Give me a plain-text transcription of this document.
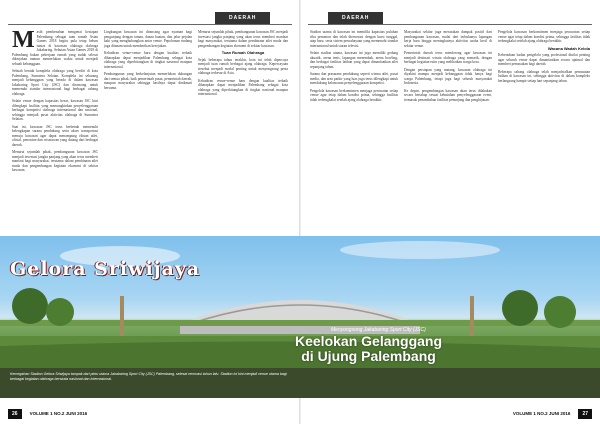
DAERAH
M asih pembenahan mengenai kesiapan Palembang sebagai tuan rumah Asian Games 2018 begitu pula tetap belum tuntas di kawasan olahraga olahraga Jakabaring. Sebutan Asian Games 2018 di Palembang bukan pekerjaan rumah yang sudah selesai dikerjakan namun memerlukan waktu untuk menjadi sebuah kebanggaan.

Sebuah bentuk kompleks olahraga yang berdiri di kota Palembang, Sumatera Selatan. Kompleks ini sekarang menjadi kebanggaan yang berada di dalam kawasan Jakabaring Sport City (JSC) dan dirancang untuk memenuhi standar internasional bagi berbagai cabang olahraga.

Selain venue dengan kapasitas besar, kawasan JSC kini dilengkapi fasilitas yang memungkinkan penyelenggaraan berbagai kompetisi olahraga internasional dan nasional, sehingga menjadi pusat aktivitas olahraga di Sumatera Selatan.

Saat ini, kawasan JSC terus berbenah memenuhi kelengkapan sarana pendukung serta akses transportasi menuju kawasan agar dapat menampung ribuan atlet, ofisial, penonton dan wisatawan yang datang dari berbagai daerah.

Menurut sejumlah pihak, pembangunan kawasan JSC menjadi investasi jangka panjang yang akan terus memberi manfaat bagi masyarakat, terutama dalam pembinaan atlet muda dan pengembangan kegiatan ekonomi di sekitar kawasan.

Lingkungan kawasan ini dirancang agar nyaman bagi pengunjung dengan taman, danau buatan, dan jalur pejalan kaki yang menghubungkan antar venue. Pepohonan rindang juga ditanam untuk memberikan kesejukan.

Kehadiran venue-venue baru dengan kualitas terbaik diharapkan dapat menjadikan Palembang sebagai kota olahraga yang diperhitungkan di tingkat nasional maupun internasional.

Pembangunan yang berkelanjutan memerlukan dukungan dari semua pihak, baik pemerintah pusat, pemerintah daerah, maupun masyarakat sehingga hasilnya dapat dinikmati bersama.

Menurut sejumlah pihak, pembangunan kawasan JSC menjadi investasi jangka panjang yang akan terus memberi manfaat bagi masyarakat, terutama dalam pembinaan atlet muda dan pengembangan kegiatan ekonomi di sekitar kawasan.

Tuan Rumah Olahraga

Sejak beberapa tahun terakhir, kota ini telah dipercaya menjadi tuan rumah berbagai ajang olahraga. Kepercayaan tersebut menjadi modal penting untuk menyongsong pesta olahraga terbesar di Asia.

Kehadiran venue-venue baru dengan kualitas terbaik diharapkan dapat menjadikan Palembang sebagai kota olahraga yang diperhitungkan di tingkat nasional maupun internasional.

DAERAH

Stadion utama di kawasan ini memiliki kapasitas puluhan ribu penonton dan telah direnovasi dengan kursi tunggal, atap baru, serta sistem pencahayaan yang memenuhi standar internasional untuk siaran televisi.

Selain stadion utama, kawasan ini juga memiliki gedung akuatik, arena tenis, lapangan menembak, arena bowling, dan berbagai fasilitas latihan yang dapat dimanfaatkan atlet sepanjang tahun.

Sarana dan prasarana pendukung seperti wisma atlet, pusat media, dan area parkir yang luas juga terus dilengkapi untuk mendukung kelancaran penyelenggaraan kompetisi.

Pengelola kawasan berkomitmen menjaga perawatan setiap venue agar tetap dalam kondisi prima, sehingga fasilitas tidak terbengkalai setelah ajang olahraga berakhir.

Masyarakat sekitar juga merasakan dampak positif dari pembangunan kawasan, mulai dari terbukanya lapangan kerja baru hingga meningkatnya aktivitas usaha kecil di sekitar venue.

Pemerintah daerah terus mendorong agar kawasan ini menjadi destinasi wisata olahraga yang menarik, dengan berbagai kegiatan rutin yang melibatkan warga kota.

Dengan persiapan yang matang, kawasan olahraga ini diyakini mampu menjadi kebanggaan tidak hanya bagi warga Palembang, tetapi juga bagi seluruh masyarakat Indonesia.

Ke depan, pengembangan kawasan akan terus dilakukan secara bertahap sesuai kebutuhan penyelenggaraan event, termasuk penambahan fasilitas penunjang dan penghijauan.

Pengelola kawasan berkomitmen menjaga perawatan setiap venue agar tetap dalam kondisi prima, sehingga fasilitas tidak terbengkalai setelah ajang olahraga berakhir.

Wacana Wadah Kelola

Keberadaan badan pengelola yang profesional dinilai penting agar seluruh venue dapat dimanfaatkan secara optimal dan memberi pemasukan bagi daerah.

Beberapa cabang olahraga telah menjadwalkan pemusatan latihan di kawasan ini, sehingga aktivitas di dalam kompleks berlangsung hampir setiap hari sepanjang tahun.

Gelora Sriwijaya
Menyongsong Jakabaring Sport City (JSC)
Keelokan Gelanggang
di Ujung Palembang
Kemegahan Stadion Gelora Sriwijaya tampak dari pintu utama Jakabaring Sport City (JSC) Palembang, selesai renovasi tahun lalu. Stadion ini kini menjadi venue utama bagi berbagai kegiatan olahraga berskala nasional dan internasional.
26	VOLUME 1 NO.2 JUNI 2016	VOLUME 1 NO.2 JUNI 2016 27
